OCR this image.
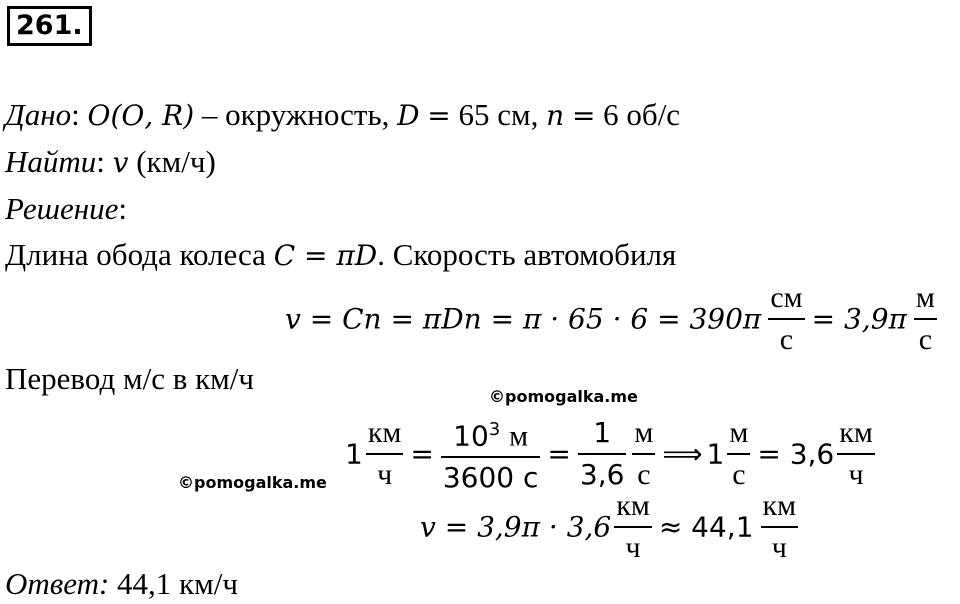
261.
Дано: 𝑂(𝑂, 𝑅) – окружность, 𝐷 = 65 см, 𝑛 = 6 об/с
Найти: 𝑣 (км/ч)
Решение:
Длина обода колеса 𝐶 = 𝜋𝐷. Скорость автомобиля
𝑣 = 𝐶𝑛 = 𝜋𝐷𝑛 = 𝜋 · 65 · 6 = 390𝜋 $\frac{см}{с}$ = 3,9𝜋 $\frac{м}{с}$
Перевод м/с в км/ч
©pomogalka.me
$1 \frac{км}{ч} = \frac{10^3 м}{3600 с} = \frac{1}{3,6} \frac{м}{с}$ ⟹ $1 \frac{м}{с} = 3,6 \frac{км}{ч}$
©pomogalka.me
𝑣 = 3,9𝜋 · $3,6 \frac{км}{ч} \approx 44,1 \frac{км}{ч}$
Ответ: 44,1 км/ч
